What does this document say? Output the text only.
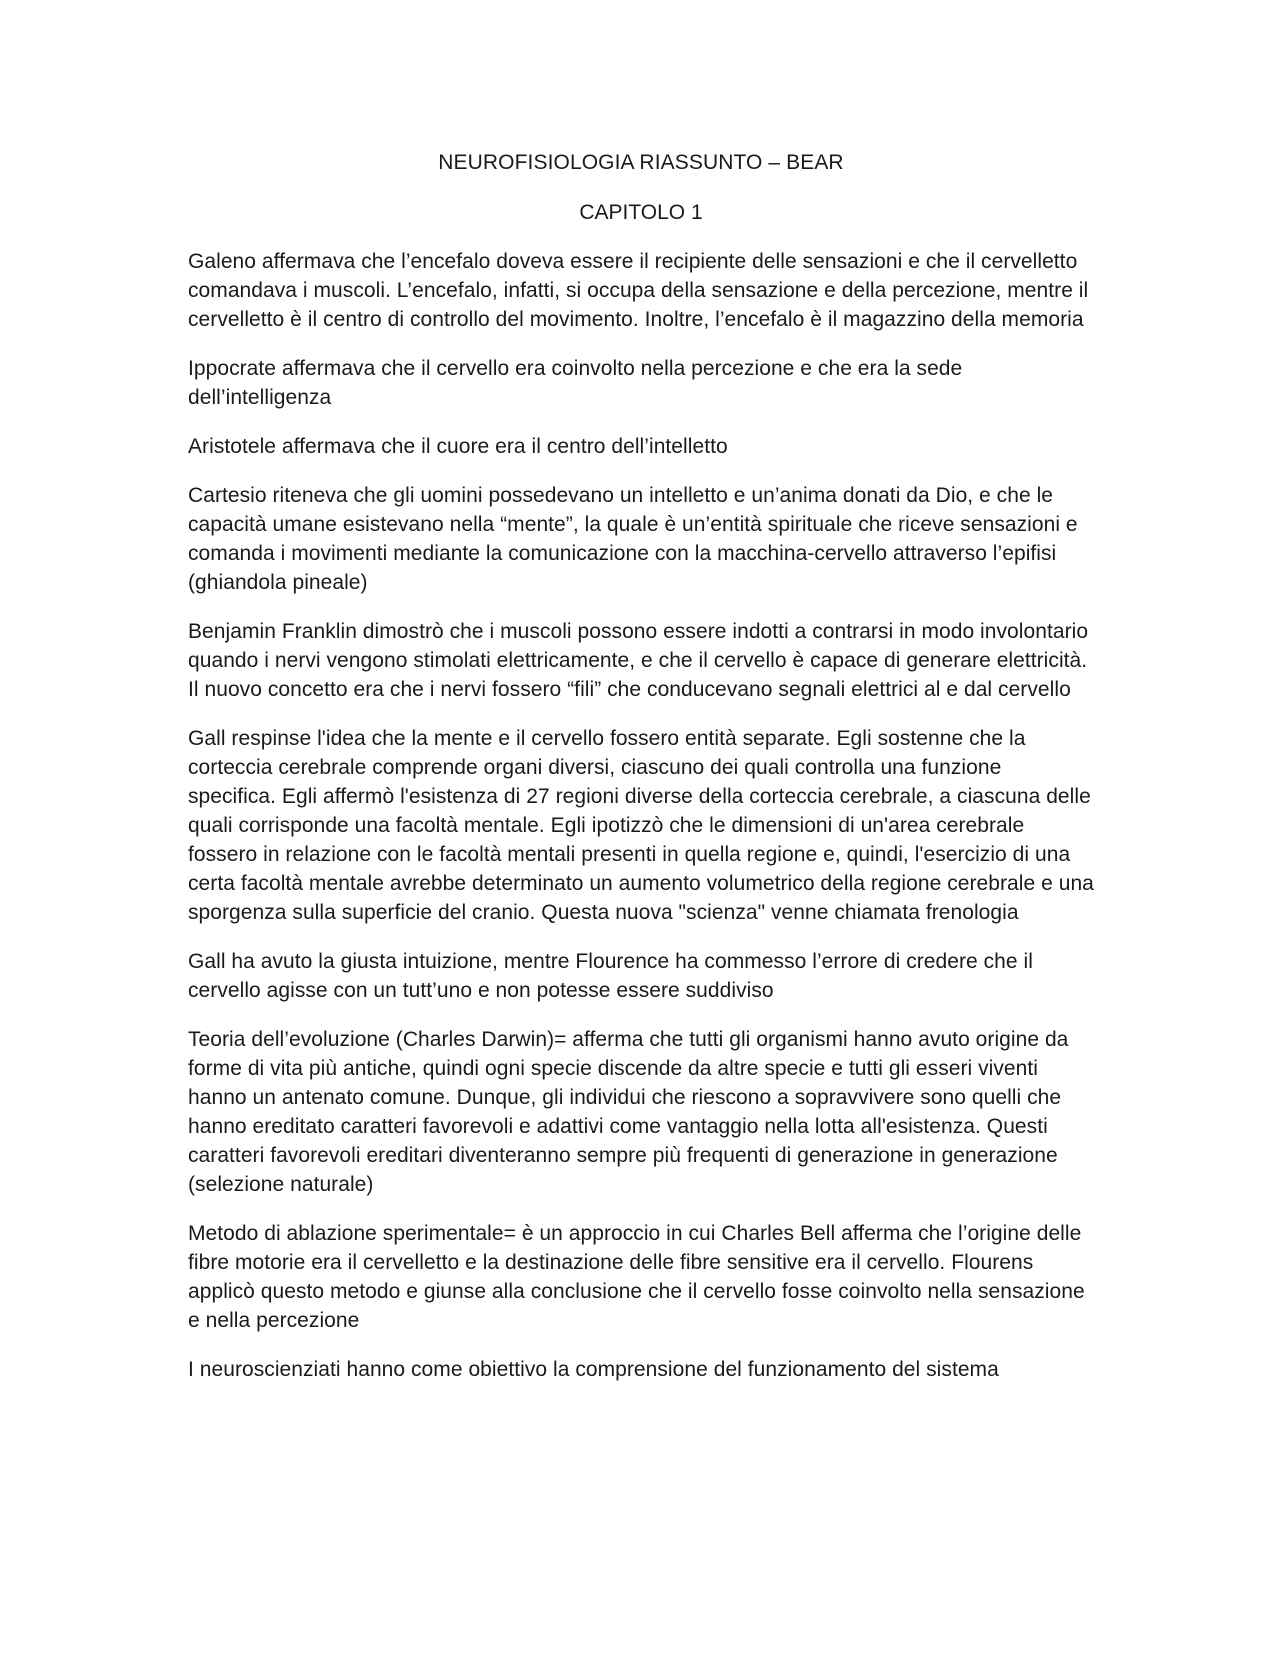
NEUROFISIOLOGIA RIASSUNTO – BEAR
CAPITOLO 1

Galeno affermava che l’encefalo doveva essere il recipiente delle sensazioni e che il cervelletto comandava i muscoli. L’encefalo, infatti, si occupa della sensazione e della percezione, mentre il cervelletto è il centro di controllo del movimento. Inoltre, l’encefalo è il magazzino della memoria

Ippocrate affermava che il cervello era coinvolto nella percezione e che era la sede dell’intelligenza

Aristotele affermava che il cuore era il centro dell’intelletto

Cartesio riteneva che gli uomini possedevano un intelletto e un’anima donati da Dio, e che le capacità umane esistevano nella “mente”, la quale è un’entità spirituale che riceve sensazioni e comanda i movimenti mediante la comunicazione con la macchina-cervello attraverso l’epifisi (ghiandola pineale)

Benjamin Franklin dimostrò che i muscoli possono essere indotti a contrarsi in modo involontario quando i nervi vengono stimolati elettricamente, e che il cervello è capace di generare elettricità. Il nuovo concetto era che i nervi fossero “fili” che conducevano segnali elettrici al e dal cervello

Gall respinse l'idea che la mente e il cervello fossero entità separate. Egli sostenne che la corteccia cerebrale comprende organi diversi, ciascuno dei quali controlla una funzione specifica. Egli affermò l'esistenza di 27 regioni diverse della corteccia cerebrale, a ciascuna delle quali corrisponde una facoltà mentale. Egli ipotizzò che le dimensioni di un'area cerebrale fossero in relazione con le facoltà mentali presenti in quella regione e, quindi, l'esercizio di una certa facoltà mentale avrebbe determinato un aumento volumetrico della regione cerebrale e una sporgenza sulla superficie del cranio. Questa nuova "scienza" venne chiamata frenologia

Gall ha avuto la giusta intuizione, mentre Flourence ha commesso l’errore di credere che il cervello agisse con un tutt’uno e non potesse essere suddiviso

Teoria dell’evoluzione (Charles Darwin)= afferma che tutti gli organismi hanno avuto origine da forme di vita più antiche, quindi ogni specie discende da altre specie e tutti gli esseri viventi hanno un antenato comune. Dunque, gli individui che riescono a sopravvivere sono quelli che hanno ereditato caratteri favorevoli e adattivi come vantaggio nella lotta all'esistenza. Questi caratteri favorevoli ereditari diventeranno sempre più frequenti di generazione in generazione (selezione naturale)

Metodo di ablazione sperimentale= è un approccio in cui Charles Bell afferma che l’origine delle fibre motorie era il cervelletto e la destinazione delle fibre sensitive era il cervello. Flourens applicò questo metodo e giunse alla conclusione che il cervello fosse coinvolto nella sensazione e nella percezione

I neuroscienziati hanno come obiettivo la comprensione del funzionamento del sistema
